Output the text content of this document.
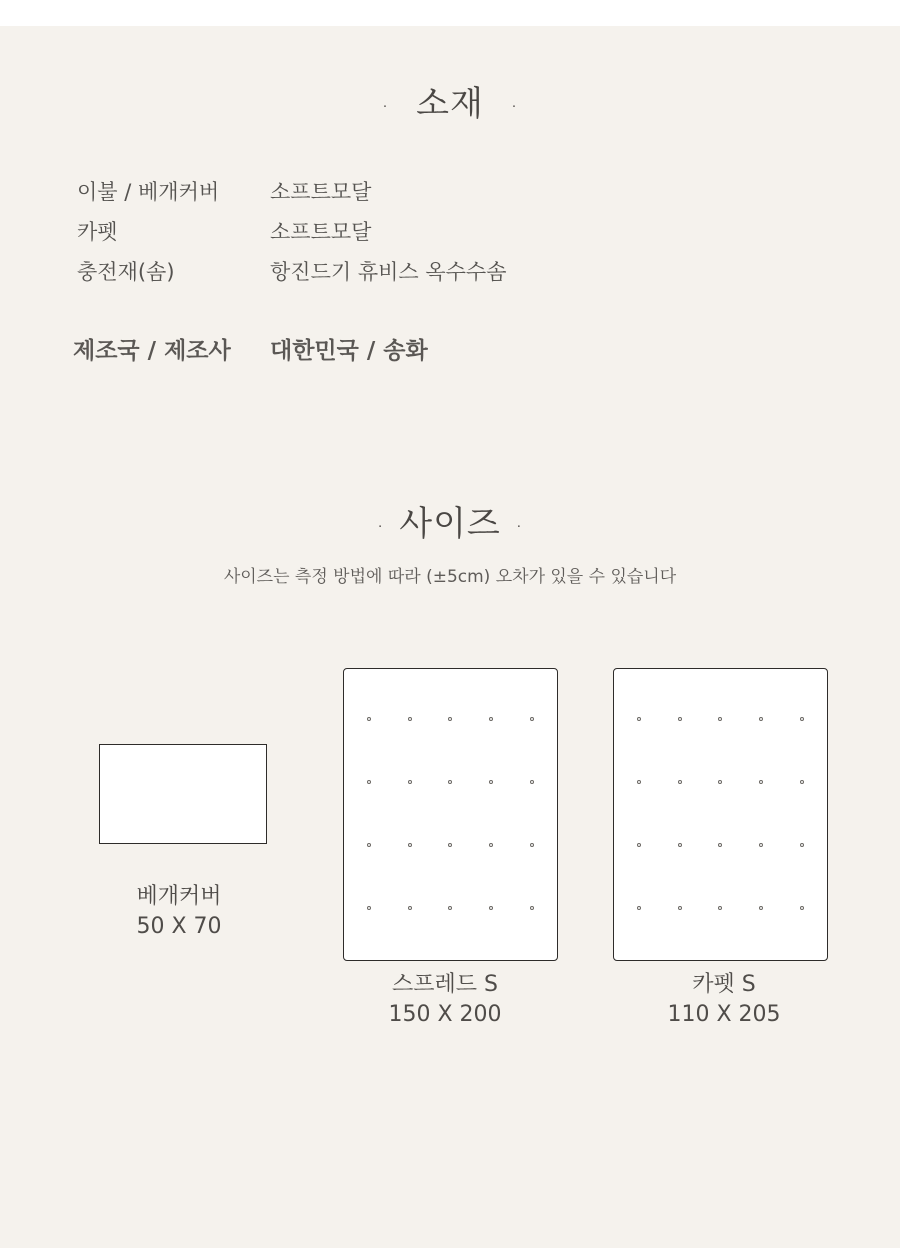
· 소재 ·
이불 / 베개커버 소프트모달
카펫	소프트모달
충전재(솜)	항진드기 휴비스 옥수수솜
제조국 / 제조사 대한민국 / 송화
· 사이즈 ·
사이즈는 측정 방법에 따라 (±5cm) 오차가 있을 수 있습니다
베개커버
50 X 70
스프레드 S
150 X 200
카펫 S
110 X 205
